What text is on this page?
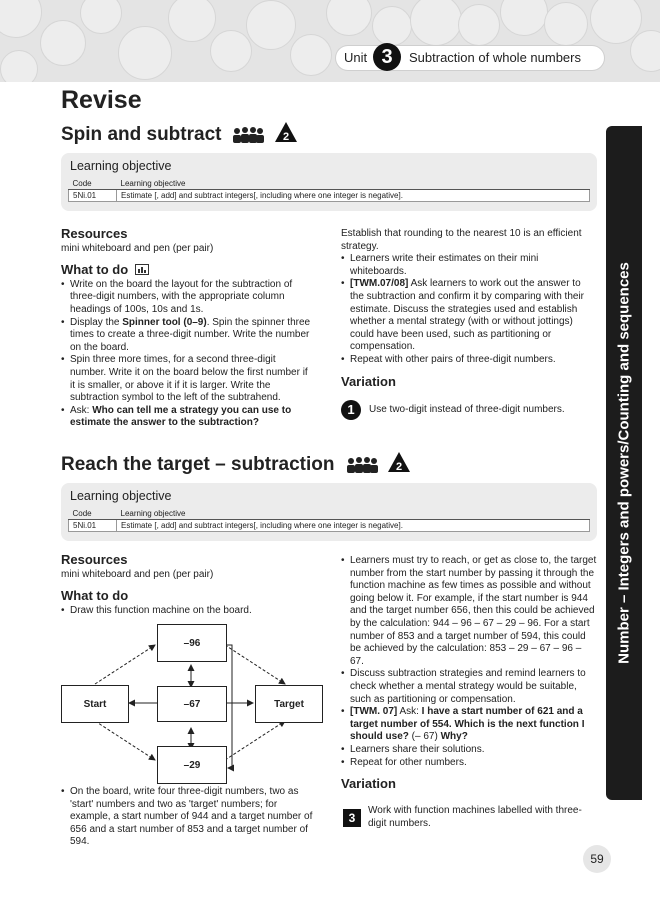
Unit 3	Subtraction of whole numbers
Revise
Spin and subtract	2
Learning objective
Code	Learning objective
5Ni.01	Estimate [, add] and subtract integers[, including where one integer is negative].
Resources

mini whiteboard and pen (per pair)

What to do
• Write on the board the layout for the subtraction of three-digit numbers, with the appropriate column headings of 100s, 10s and 1s.
• Display the Spinner tool (0–9). Spin the spinner three times to create a three-digit number. Write the number on the board.
• Spin three more times, for a second three-digit number. Write it on the board below the first number if it is smaller, or above it if it is larger. Write the subtraction symbol to the left of the subtrahend.
• Ask: Who can tell me a strategy you can use to estimate the answer to the subtraction?

Establish that rounding to the nearest 10 is an efficient strategy.

• Learners write their estimates on their mini whiteboards.
• [TWM.07/08] Ask learners to work out the answer to the subtraction and confirm it by comparing with their estimate. Discuss the strategies used and establish whether a mental strategy (with or without jottings) could have been used, such as partitioning or compensation.
• Repeat with other pairs of three-digit numbers.
Variation
1	Use two-digit instead of three-digit numbers.
Reach the target – subtraction	2
Learning objective
Code	Learning objective
5Ni.01	Estimate [, add] and subtract integers[, including where one integer is negative].
Resources

mini whiteboard and pen (per pair)

What to do
• Draw this function machine on the board.
–96
–67
–29
Start	Target
• On the board, write four three-digit numbers, two as 'start' numbers and two as 'target' numbers; for example, a start number of 944 and a target number of 656 and a start number of 853 and a target number of 594.
• Learners must try to reach, or get as close to, the target number from the start number by passing it through the function machine as few times as possible and without going below it. For example, if the start number is 944 and the target number 656, then this could be achieved by the calculation: 944 – 96 – 67 – 29 – 96. For a start number of 853 and a target number of 594, this could be achieved by the calculation: 853 – 29 – 67 – 96 – 67.
• Discuss subtraction strategies and remind learners to check whether a mental strategy would be suitable, such as partitioning or compensation.
• [TWM. 07] Ask: I have a start number of 621 and a target number of 554. Which is the next function I should use? (– 67) Why?
• Learners share their solutions.
• Repeat for other numbers.
Variation
3
Work with function machines labelled with three-digit numbers.
Number – Integers and powers/Counting and sequences
59
